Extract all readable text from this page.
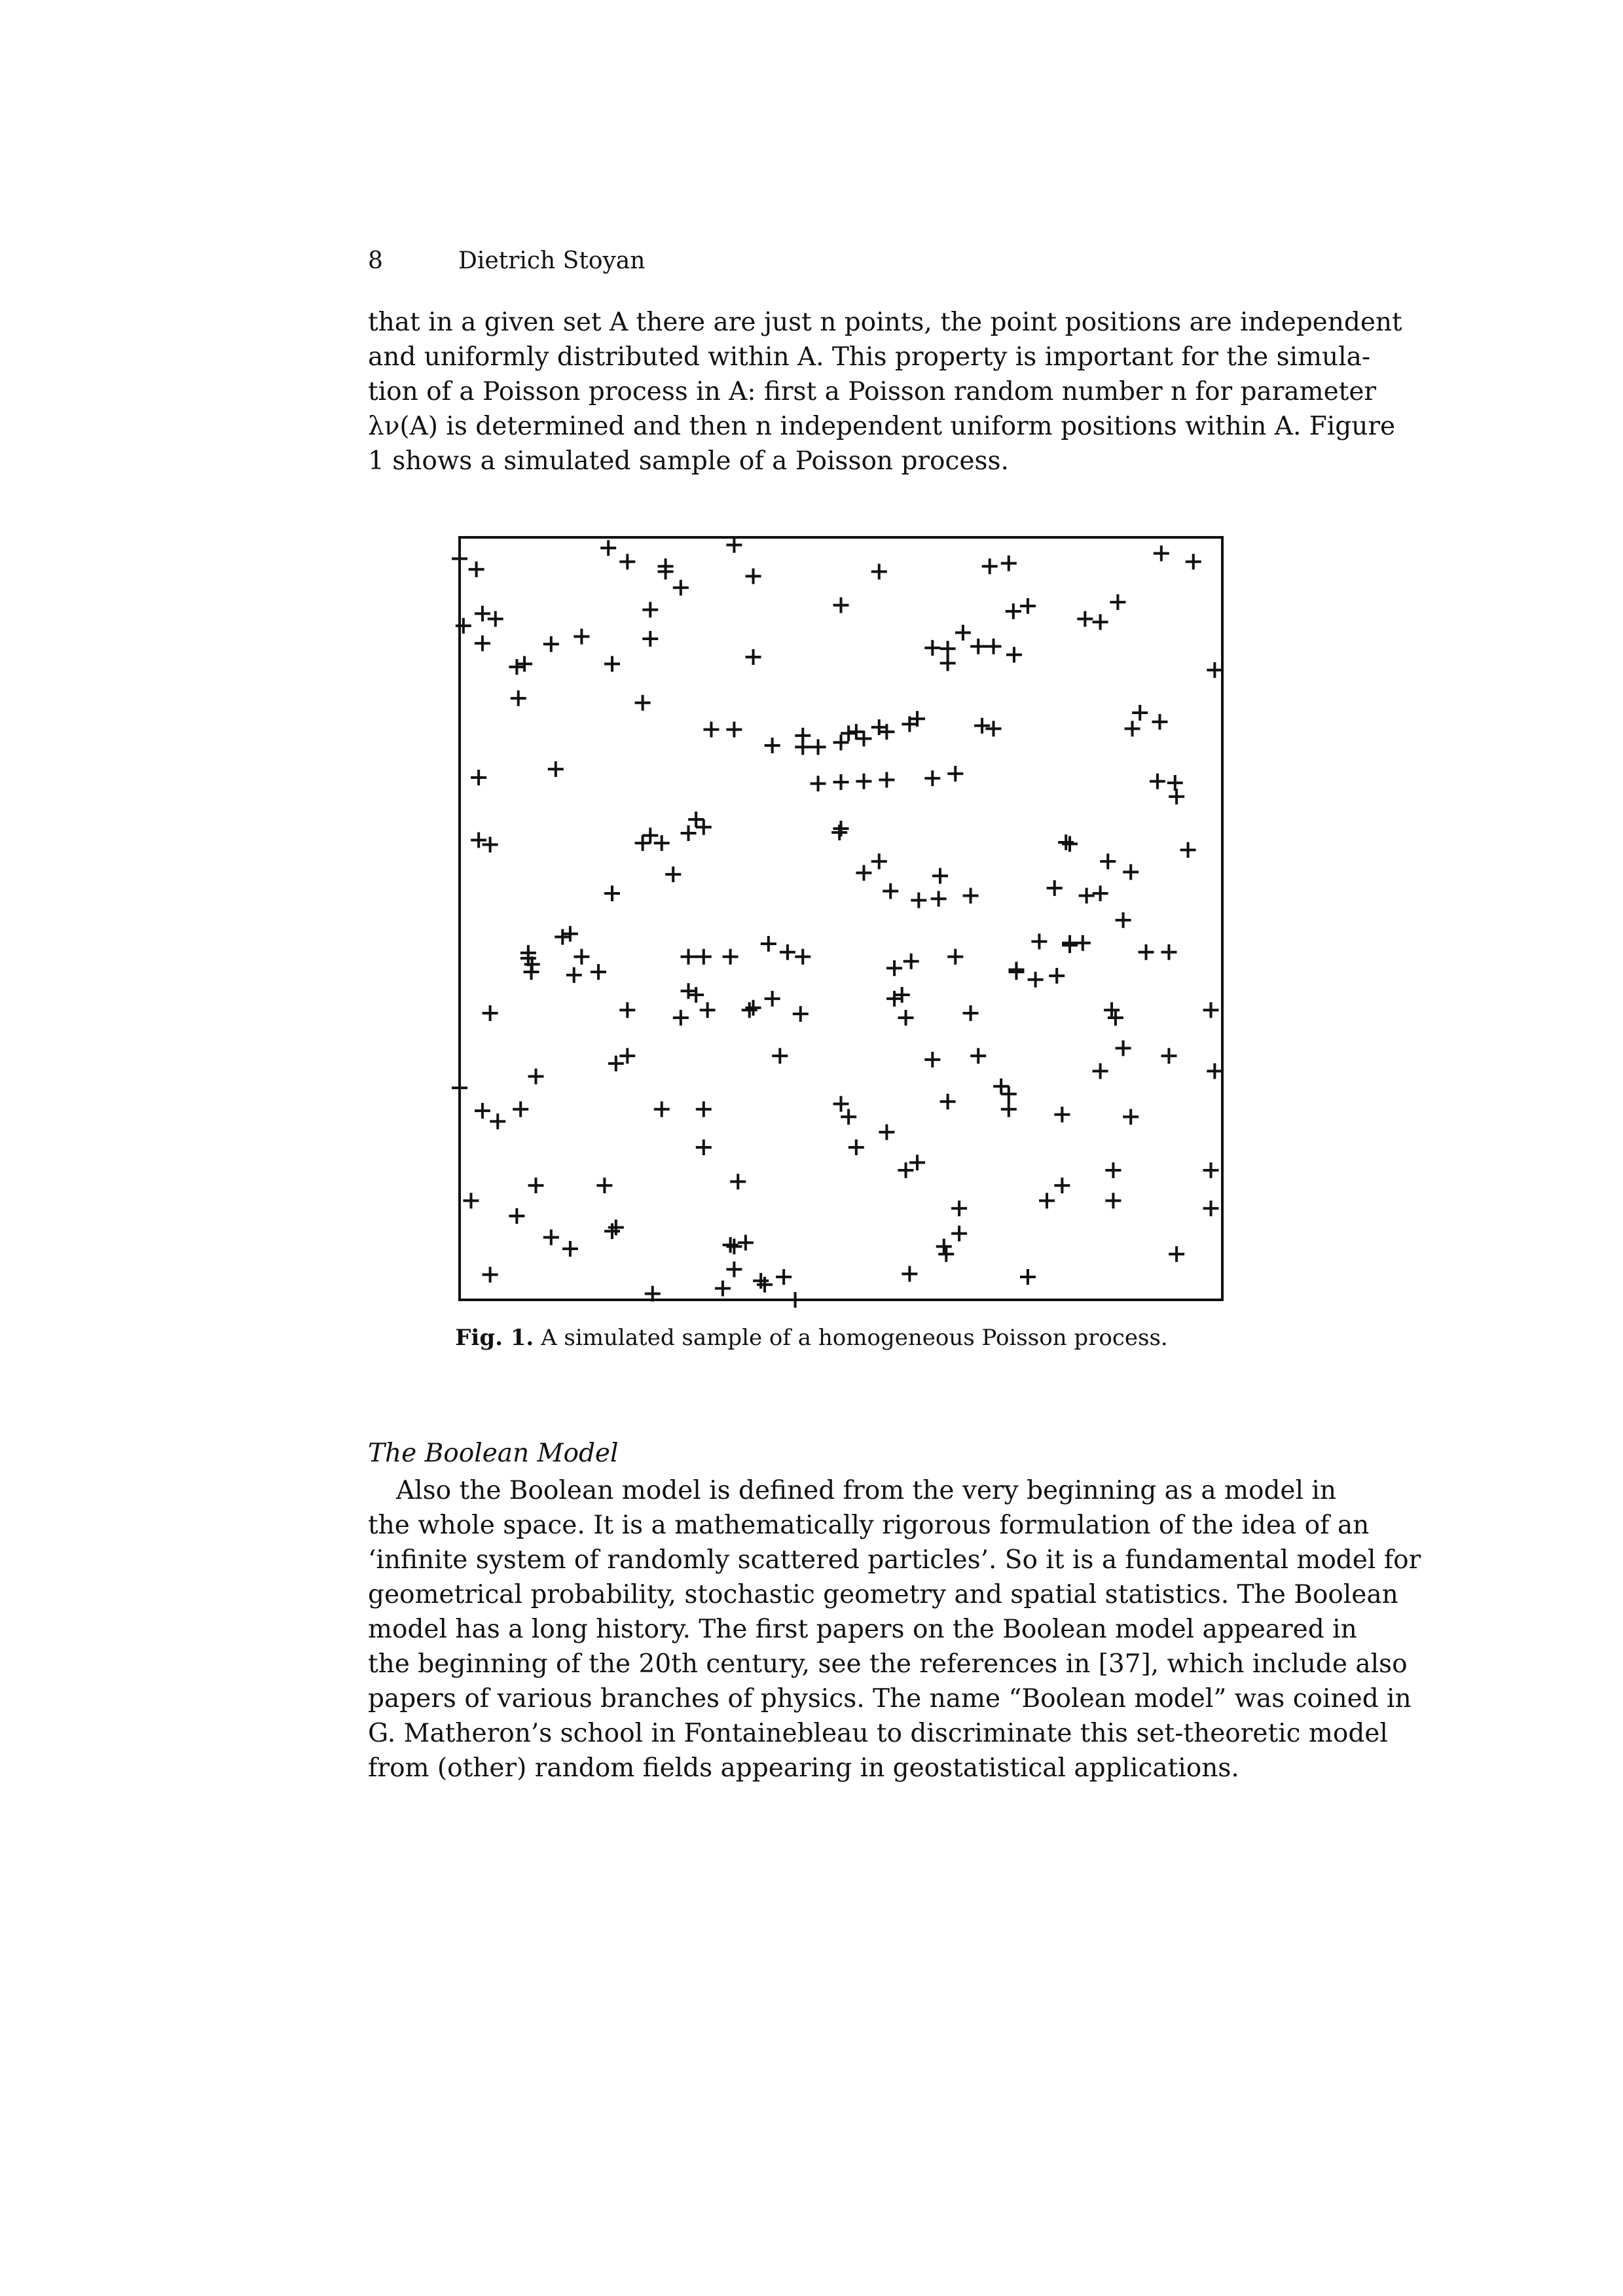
8	Dietrich Stoyan
that in a given set A there are just n points, the point positions are independent
and uniformly distributed within A. This property is important for the simula-
tion of a Poisson process in A: first a Poisson random number n for parameter
λν(A) is determined and then n independent uniform positions within A. Figure
1 shows a simulated sample of a Poisson process.
Fig. 1. A simulated sample of a homogeneous Poisson process.
The Boolean Model
Also the Boolean model is defined from the very beginning as a model in
the whole space. It is a mathematically rigorous formulation of the idea of an
‘infinite system of randomly scattered particles’. So it is a fundamental model for
geometrical probability, stochastic geometry and spatial statistics. The Boolean
model has a long history. The first papers on the Boolean model appeared in
the beginning of the 20th century, see the references in [37], which include also
papers of various branches of physics. The name “Boolean model” was coined in
G. Matheron’s school in Fontainebleau to discriminate this set-theoretic model
from (other) random fields appearing in geostatistical applications.
